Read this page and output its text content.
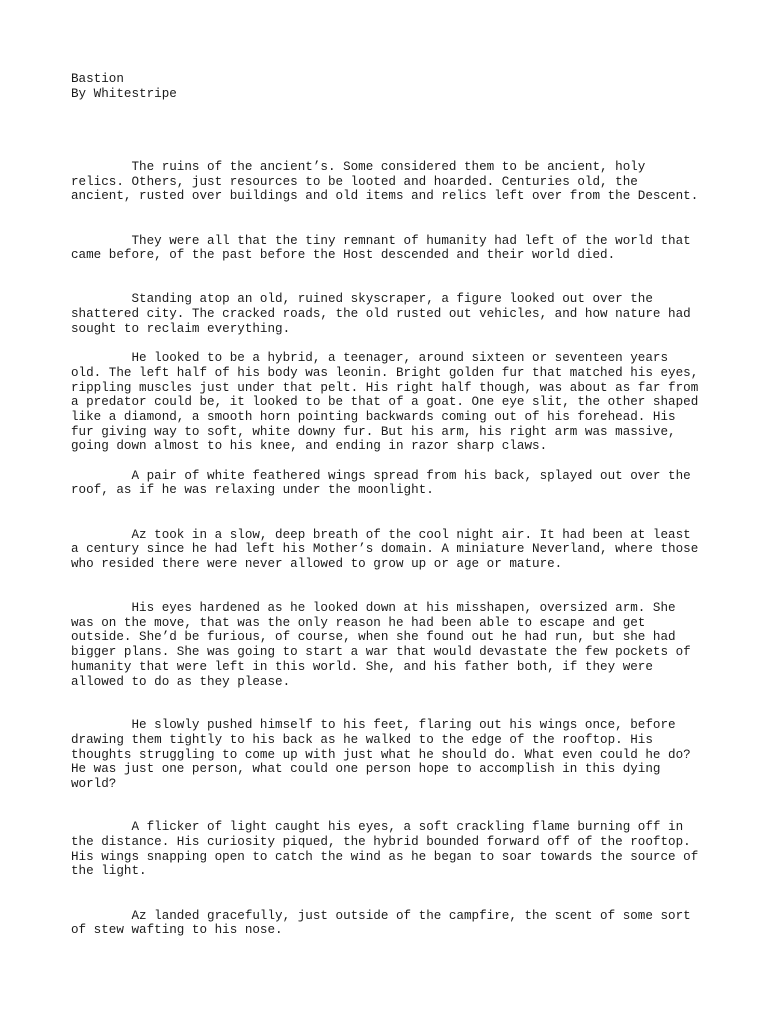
Bastion
By Whitestripe
The ruins of the ancient’s. Some considered them to be ancient, holy
relics. Others, just resources to be looted and hoarded. Centuries old, the
ancient, rusted over buildings and old items and relics left over from the Descent.
They were all that the tiny remnant of humanity had left of the world that
came before, of the past before the Host descended and their world died.
Standing atop an old, ruined skyscraper, a figure looked out over the
shattered city. The cracked roads, the old rusted out vehicles, and how nature had
sought to reclaim everything.
He looked to be a hybrid, a teenager, around sixteen or seventeen years
old. The left half of his body was leonin. Bright golden fur that matched his eyes,
rippling muscles just under that pelt. His right half though, was about as far from
a predator could be, it looked to be that of a goat. One eye slit, the other shaped
like a diamond, a smooth horn pointing backwards coming out of his forehead. His
fur giving way to soft, white downy fur. But his arm, his right arm was massive,
going down almost to his knee, and ending in razor sharp claws.
A pair of white feathered wings spread from his back, splayed out over the
roof, as if he was relaxing under the moonlight.
Az took in a slow, deep breath of the cool night air. It had been at least
a century since he had left his Mother’s domain. A miniature Neverland, where those
who resided there were never allowed to grow up or age or mature.
His eyes hardened as he looked down at his misshapen, oversized arm. She
was on the move, that was the only reason he had been able to escape and get
outside. She’d be furious, of course, when she found out he had run, but she had
bigger plans. She was going to start a war that would devastate the few pockets of
humanity that were left in this world. She, and his father both, if they were
allowed to do as they please.
He slowly pushed himself to his feet, flaring out his wings once, before
drawing them tightly to his back as he walked to the edge of the rooftop. His
thoughts struggling to come up with just what he should do. What even could he do?
He was just one person, what could one person hope to accomplish in this dying
world?
A flicker of light caught his eyes, a soft crackling flame burning off in
the distance. His curiosity piqued, the hybrid bounded forward off of the rooftop.
His wings snapping open to catch the wind as he began to soar towards the source of
the light.
Az landed gracefully, just outside of the campfire, the scent of some sort
of stew wafting to his nose.
